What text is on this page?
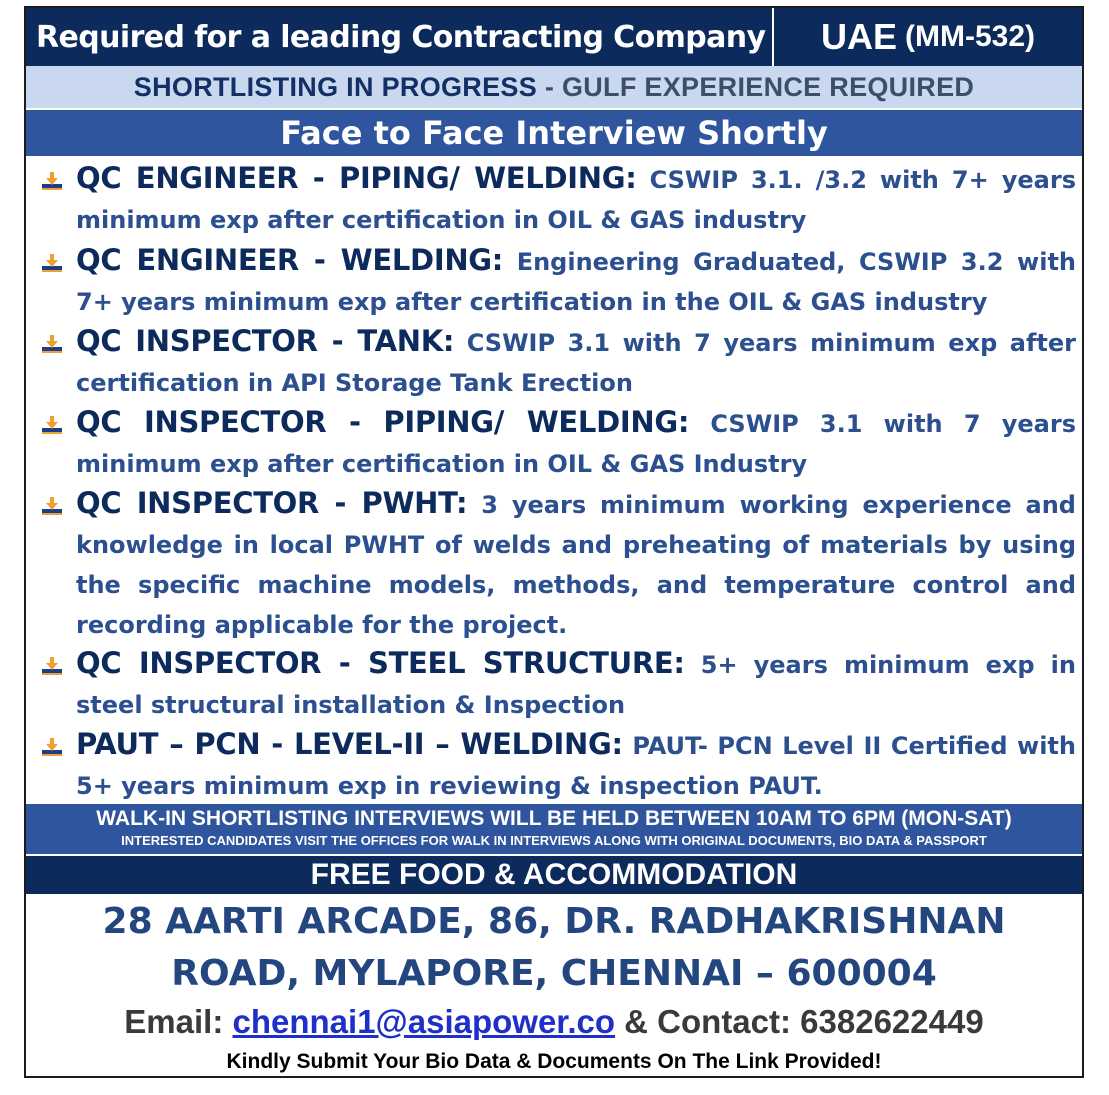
Required for a leading Contracting Company UAE (MM-532)
SHORTLISTING IN PROGRESS - GULF EXPERIENCE REQUIRED
Face to Face Interview Shortly

QC ENGINEER - PIPING/ WELDING: CSWIP 3.1. /3.2 with 7+ years minimum exp after certification in OIL & GAS industry

QC ENGINEER - WELDING: Engineering Graduated, CSWIP 3.2 with 7+ years minimum exp after certification in the OIL & GAS industry

QC INSPECTOR - TANK: CSWIP 3.1 with 7 years minimum exp after certification in API Storage Tank Erection

QC INSPECTOR - PIPING/ WELDING: CSWIP 3.1 with 7 years minimum exp after certification in OIL & GAS Industry

QC INSPECTOR - PWHT: 3 years minimum working experience and knowledge in local PWHT of welds and preheating of materials by using the specific machine models, methods, and temperature control and recording applicable for the project.

QC INSPECTOR - STEEL STRUCTURE: 5+ years minimum exp in steel structural installation & Inspection

PAUT – PCN - LEVEL-II – WELDING: PAUT- PCN Level II Certified with 5+ years minimum exp in reviewing & inspection PAUT.

WALK-IN SHORTLISTING INTERVIEWS WILL BE HELD BETWEEN 10AM TO 6PM (MON-SAT)
INTERESTED CANDIDATES VISIT THE OFFICES FOR WALK IN INTERVIEWS ALONG WITH ORIGINAL DOCUMENTS, BIO DATA & PASSPORT
FREE FOOD & ACCOMMODATION
28 AARTI ARCADE, 86, DR. RADHAKRISHNAN
ROAD, MYLAPORE, CHENNAI – 600004
Email: chennai1@asiapower.co & Contact: 6382622449
Kindly Submit Your Bio Data & Documents On The Link Provided!
